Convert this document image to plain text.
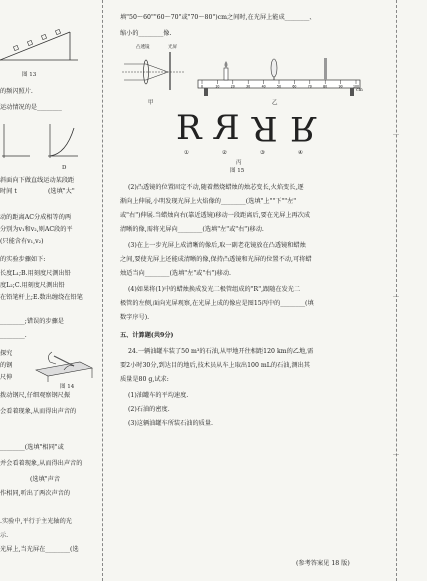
图 13
的频闪照片.
运动情况的是________
D
斜面向下做直线运动某段距
时间 t	(选填"大"
动的距离AC分成相等的两
分别为v₁和v₂,则AC段的平
(只能含有v₁,v₂)
的实验步骤如下:
长度L₁;B.用刻度尺测出铅
度L₂;C.用刻度尺测出铅
在铅笔杆上;E.数出缠绕在铅笔
________;错误的步骤是
________.
探究
的钢
尺伸
图 14
拨动钢尺,仔细观察钢尺振
会看着现象,从而得出声音的
________(选填"相同"或
并会看着现象,从而得出声音的
(选填"声音
作相同,听出了两次声音的
.实验中,平行于主光轴的光
示.
光屏上,当光屏在________(选
填"50～60""60～70"或"70～80")cm之间时,在光屏上能成________、
缩小的________像.
凸透镜	光屏
0	10	20	30	40	50	60	70	80	90	100
甲	乙
cm
R R R R
①	②	③	④
丙
图 15
(2)凸透镜的位置固定不动,随着燃烧蜡烛的烛芯变长,火焰变长,逐
渐向上伸展,小明发现光屏上火焰像的________(选填"上""下""左"
或"右")伸展.当蜡烛向右(靠近透镜)移动一段距离后,要在光屏上再次成
清晰的像,需将光屏向________(选填"左"或"右")移动.
(3)在上一步光屏上成清晰的像后,取一副老花镜放在凸透镜和蜡烛
之间,要使光屏上还能成清晰的像,保持凸透镜和光屏的位置不动,可将蜡
烛适当向________(选填"左"或"右")移动.
(4)如果将(1)中的蜡烛换成发光二极管组成的"R",跟随在发光二
极管的左侧,面向光屏观察,在光屏上成的像应是图15丙中的________(填
数字序号).
五、计算题(共9分)
24.一辆油罐车装了50 m³的石油,从甲地开往相距120 km的乙地,需
要2小时30分,到达目的地后,技术员从车上取出100 mL的石油,测出其
质量是80 g,试求:
(1)油罐车的平均速度.
(2)石油的密度.
(3)这辆油罐车所装石油的质量.
(参考答案见 18 版)
…
…
…
